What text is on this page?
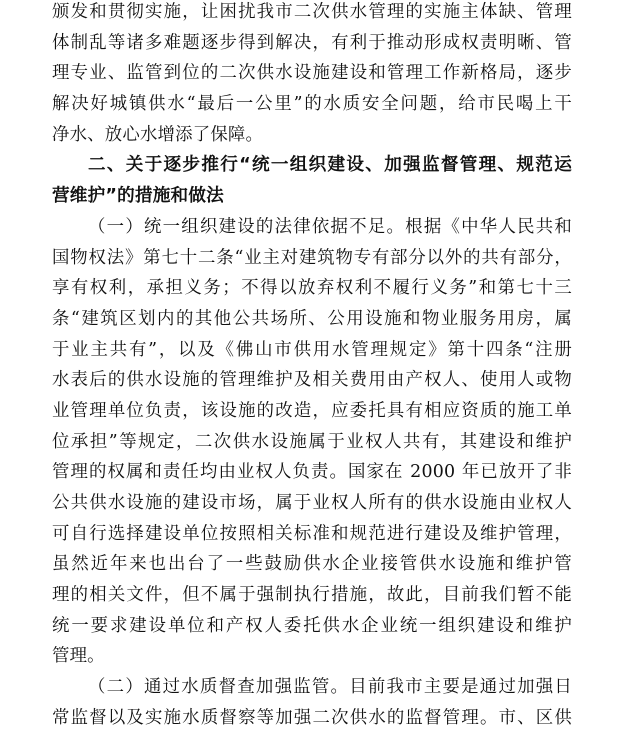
颁发和贯彻实施，让困扰我市二次供水管理的实施主体缺、管理
体制乱等诸多难题逐步得到解决，有利于推动形成权责明晰、管
理专业、监管到位的二次供水设施建设和管理工作新格局，逐步
解决好城镇供水“最后一公里”的水质安全问题，给市民喝上干
净水、放心水增添了保障。
二、关于逐步推行“统一组织建设、加强监督管理、规范运
营维护”的措施和做法
（一）统一组织建设的法律依据不足。根据《中华人民共和
国物权法》第七十二条“业主对建筑物专有部分以外的共有部分，
享有权利，承担义务；不得以放弃权利不履行义务”和第七十三
条“建筑区划内的其他公共场所、公用设施和物业服务用房，属
于业主共有”，以及《佛山市供用水管理规定》第十四条“注册
水表后的供水设施的管理维护及相关费用由产权人、使用人或物
业管理单位负责，该设施的改造，应委托具有相应资质的施工单
位承担”等规定，二次供水设施属于业权人共有，其建设和维护
管理的权属和责任均由业权人负责。国家在 2000 年已放开了非
公共供水设施的建设市场，属于业权人所有的供水设施由业权人
可自行选择建设单位按照相关标准和规范进行建设及维护管理，
虽然近年来也出台了一些鼓励供水企业接管供水设施和维护管
理的相关文件，但不属于强制执行措施，故此，目前我们暂不能
统一要求建设单位和产权人委托供水企业统一组织建设和维护
管理。
（二）通过水质督查加强监管。目前我市主要是通过加强日
常监督以及实施水质督察等加强二次供水的监督管理。市、区供
